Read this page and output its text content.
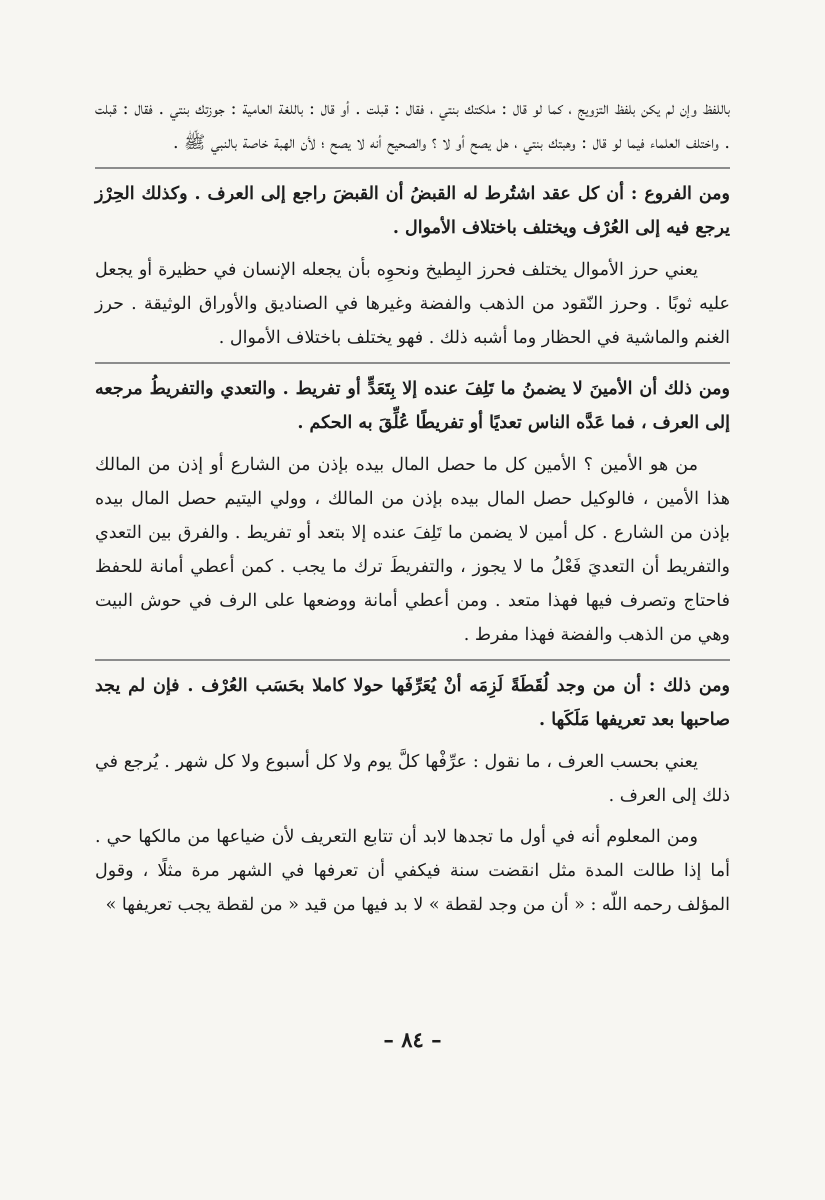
باللفظ وإن لم يكن بلفظ التزويج ، كما لو قال : ملكتك بنتي ، فقال : قبلت . أو قال : باللغة العامية : جوزتك بنتي . فقال : قبلت . واختلف العلماء فيما لو قال : وهبتك بنتي ، هل يصح أو لا ؟ والصحيح أنه لا يصح ؛ لأن الهبة خاصة بالنبي ﷺ .

ومن الفروع : أن كل عقد اشتُرط له القبضُ أن القبضَ راجع إلى العرف . وكذلك الحِرْز يرجع فيه إلى العُرْف ويختلف باختلاف الأموال .

يعني حرز الأموال يختلف فحرز البِطيخ ونحوِه بأن يجعله الإنسان في حظيرة أو يجعل عليه ثوبًا . وحرز النّقود من الذهب والفضة وغيرها في الصناديق والأوراق الوثيقة . حرز الغنم والماشية في الحظار وما أشبه ذلك . فهو يختلف باختلاف الأموال .

ومن ذلك أن الأمينَ لا يضمنُ ما تَلِفَ عنده إلا بِتَعَدٍّ أو تفريط . والتعدي والتفريطُ مرجعه إلى العرف ، فما عَدَّه الناس تعديًا أو تفريطًا عُلِّقَ به الحكم .

من هو الأمين ؟ الأمين كل ما حصل المال بيده بإذن من الشارع أو إذن من المالك هذا الأمين ، فالوكيل حصل المال بيده بإذن من المالك ، وولي اليتيم حصل المال بيده بإذن من الشارع . كل أمين لا يضمن ما تَلِفَ عنده إلا بتعد أو تفريط . والفرق بين التعدي والتفريط أن التعديَ فَعْلُ ما لا يجوز ، والتفريطَ ترك ما يجب . كمن أعطي أمانة للحفظ فاحتاج وتصرف فيها فهذا متعد . ومن أعطي أمانة ووضعها على الرف في حوش البيت وهي من الذهب والفضة فهذا مفرط .

ومن ذلك : أن من وجد لُقَطَةً لَزِمَه أنْ يُعَرِّفَها حولا كاملا بحَسَب العُرْف . فإن لم يجد صاحبها بعد تعريفها مَلَكَها .

يعني بحسب العرف ، ما نقول : عرِّفْها كلَّ يوم ولا كل أسبوع ولا كل شهر . يُرجع في ذلك إلى العرف .

ومن المعلوم أنه في أول ما تجدها لابد أن تتابع التعريف لأن ضياعها من مالكها حي . أما إذا طالت المدة مثل انقضت سنة فيكفي أن تعرفها في الشهر مرة مثلًا ، وقول المؤلف رحمه اللّه : « أن من وجد لقطة » لا بد فيها من قيد « من لقطة يجب تعريفها »

– ٨٤ –
